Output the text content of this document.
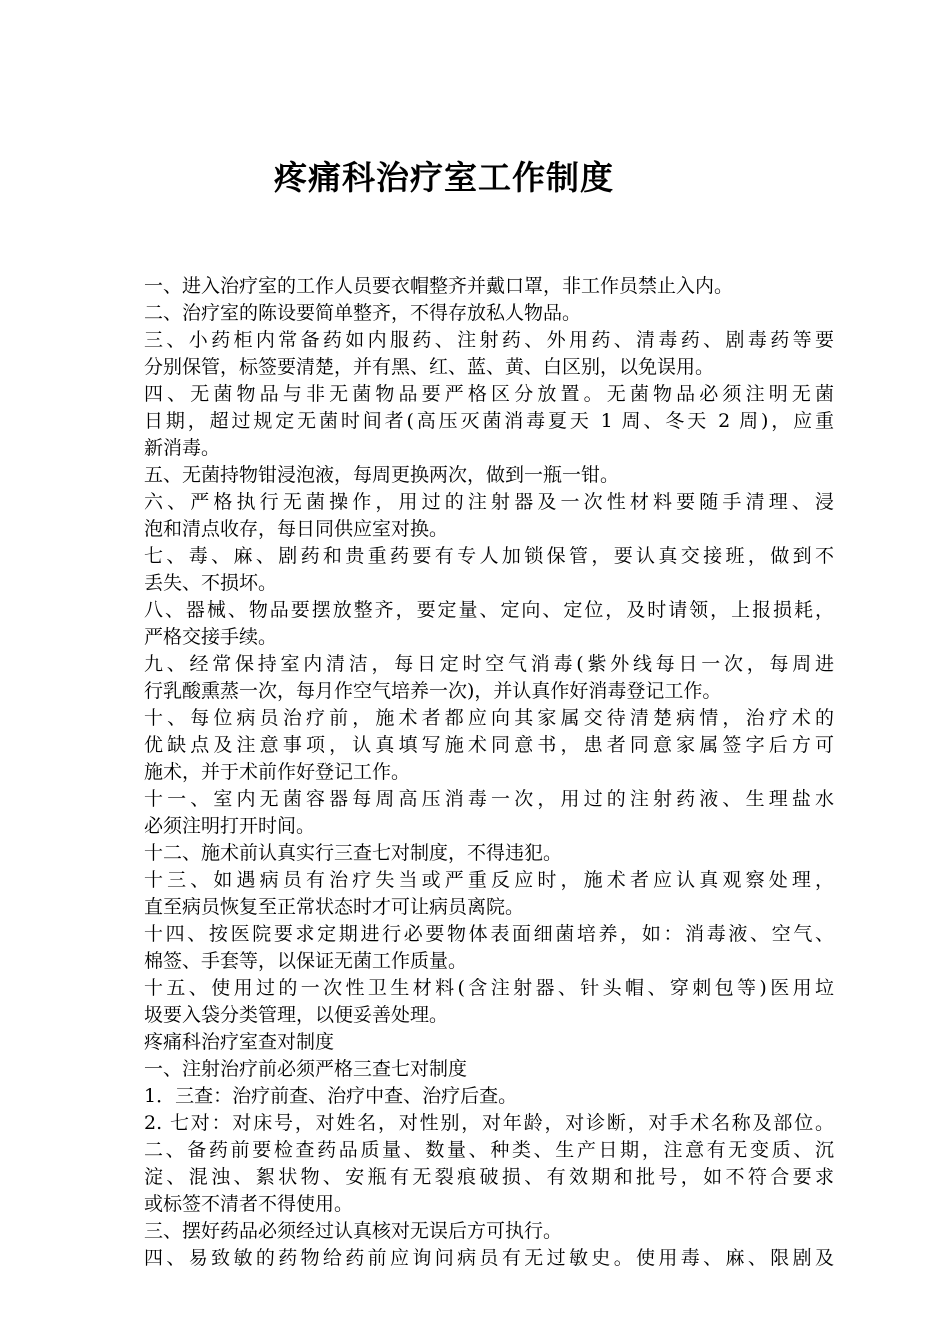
疼痛科治疗室工作制度
一、进入治疗室的工作人员要衣帽整齐并戴口罩，非工作员禁止入内。
二、治疗室的陈设要简单整齐，不得存放私人物品。
三、小药柜内常备药如内服药、注射药、外用药、清毒药、剧毒药等要
分别保管，标签要清楚，并有黑、红、蓝、黄、白区别，以免误用。
四、无菌物品与非无菌物品要严格区分放置。无菌物品必须注明无菌
日期，超过规定无菌时间者(高压灭菌消毒夏天 1 周、冬天 2 周)，应重
新消毒。
五、无菌持物钳浸泡液，每周更换两次，做到一瓶一钳。
六、严格执行无菌操作，用过的注射器及一次性材料要随手清理、浸
泡和清点收存，每日同供应室对换。
七、毒、麻、剧药和贵重药要有专人加锁保管，要认真交接班，做到不
丢失、不损坏。
八、器械、物品要摆放整齐，要定量、定向、定位，及时请领，上报损耗，
严格交接手续。
九、经常保持室内清洁，每日定时空气消毒(紫外线每日一次，每周进
行乳酸熏蒸一次，每月作空气培养一次)，并认真作好消毒登记工作。
十、每位病员治疗前，施术者都应向其家属交待清楚病情，治疗术的
优缺点及注意事项，认真填写施术同意书，患者同意家属签字后方可
施术，并于术前作好登记工作。
十一、室内无菌容器每周高压消毒一次，用过的注射药液、生理盐水
必须注明打开时间。
十二、施术前认真实行三查七对制度，不得违犯。
十三、如遇病员有治疗失当或严重反应时，施术者应认真观察处理，
直至病员恢复至正常状态时才可让病员离院。
十四、按医院要求定期进行必要物体表面细菌培养，如：消毒液、空气、
棉签、手套等，以保证无菌工作质量。
十五、使用过的一次性卫生材料(含注射器、针头帽、穿刺包等)医用垃
圾要入袋分类管理，以便妥善处理。
疼痛科治疗室查对制度
一、注射治疗前必须严格三查七对制度
1．三查：治疗前查、治疗中查、治疗后查。
2. 七对：对床号，对姓名，对性别，对年龄，对诊断，对手术名称及部位。
二、备药前要检查药品质量、数量、种类、生产日期，注意有无变质、沉
淀、混浊、絮状物、安瓶有无裂痕破损、有效期和批号，如不符合要求
或标签不清者不得使用。
三、摆好药品必须经过认真核对无误后方可执行。
四、易致敏的药物给药前应询问病员有无过敏史。使用毒、麻、限剧及
